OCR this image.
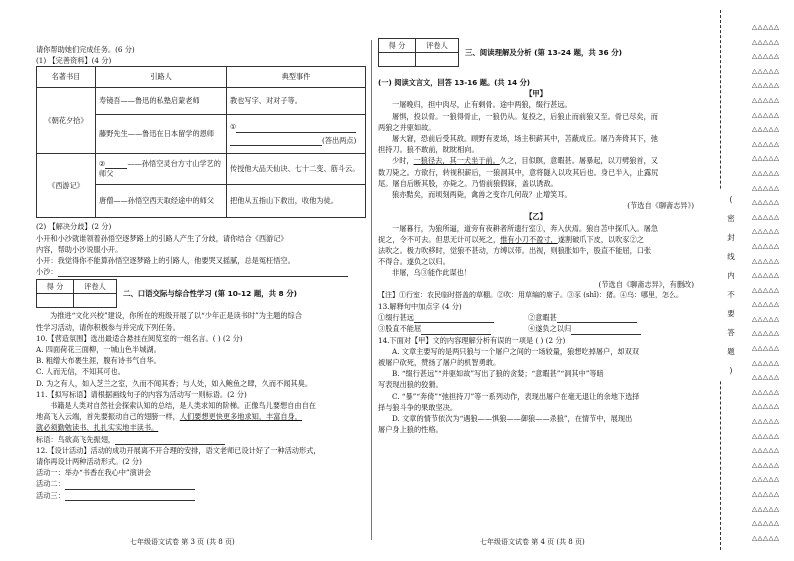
请你帮助她们完成任务。(6 分)
(1) 【完善资料】(4 分)
名著书目	引路人	典型事件
《朝花夕拾》	寿镜吾——鲁迅的私塾启蒙老师	教也写字、对对子等。
	藤野先生——鲁迅在日本留学的恩师	①
(答出两点)

《西游记》	② ——孙悟空灵台方寸山学艺的师父	传授他大品天仙诀、七十二变、筋斗云。
	唐僧——孙悟空西天取经途中的师父	把他从五指山下救出，收他为徒。
(2) 【解决分歧】(2 分)
小开和小沙就谁领着孙悟空逐梦路上的引路人产生了分歧，请你结合《西游记》
内容，帮助小沙说服小开。
小开：我觉得你不能算孙悟空逐梦路上的引路人，他要哭又摇腻，总是冤枉悟空。
小沙：
得 分	评卷人

二、口语交际与综合性学习 (第 10-12 题，共 8 分)
为推进“文化兴校”建设，你所在的班级开展了以“少年正是读书时”为主题的综合
性学习活动，请你积极参与并完成下列任务。
10.【营造氛围】选出最适合悬挂在阅览室的一组名言。( ) (2 分)
A. 四面荷花三面柳，一城山色半城湖。
B. 粗缯大布裹生涯，腹有诗书气自华。
C. 人而无信，不知其可也。
D. 为之有人，如入芝兰之室，久而不闻其香；与人处，如入鲍鱼之肆，久而不闻其臭。
11.【拟写标语】请根据画线句子的内容为活动写一则标语。(2 分)
书籍是人类对自然社会探索认知的总结，是人类求知的阶梯。正像鸟儿要想自由自在
地高飞入云端，首先要振动自己的翅膀一样，人们要想更快更多地求知，丰富自身，
就必须勤勉读书、扎扎实实地丰读书。
标语：鸟欲高飞先振翅，
12.【设计活动】活动的成功开展离不开合理的安排，语文老师已设计好了一种活动形式，
请你再设计两种活动形式。(2 分)
活动一：举办“书香在我心中”演讲会
活动二：
活动三：
得 分	评卷人

三、阅读理解及分析 (第 13-24 题，共 36 分)
(一) 阅读文言文，回答 13-16 题。(共 14 分)
【甲】
一屠晚归，担中肉尽，止有剩骨。途中两狼，缀行甚远。
屠惧，投以骨。一狼得骨止，一狼仍从。复投之，后狼止而前狼又至。骨已尽矣，而
两狼之并驱如故。
屠大窘，恐前后受其敌。顾野有麦场，场主积薪其中，苫蔽成丘。屠乃奔倚其下，弛
担持刀。狼不敢前，眈眈相向。
少时，一狼径去，其一犬坐于前。久之，目似瞑，意暇甚。屠暴起，以刀劈狼首，又
数刀毙之。方欲行，转视积薪后，一狼洞其中，意将隧入以攻其后也。身已半入，止露尻
尾。屠自后断其股，亦毙之。乃悟前狼假寐，盖以诱敌。
狼亦黠矣，而顷刻两毙，禽兽之变诈几何哉？止增笑耳。
(节选自《聊斋志异》)
【乙】
一屠暮行，为狼所逼，道旁有夜耕者所遗行室①，奔入伏焉。狼自苫中探爪入。屠急
捉之，令不可去。但思无计可以死之，惟有小刀不盈寸，遂割破爪下皮，以吹豕②之
法吹之。极力吹移时，觉狼不甚动，方缚以带。出视，则狼胀如牛，股直不能屈，口张
不得合。遂负之以归。
非屠，乌③能作此谋也！
(节选自《聊斋志异》，有删改)
【注】①行室：农民临时搭盖的草棚。②吹：用草编的席子。③豕 (shǐ)：猪。④乌：哪里，怎么。
13.解释句中加点字 (4 分)
①缀行甚远	②意暇甚
③股直不能屈	④遂负之以归
14.下面对【甲】文的内容理解分析有误的一项是 ( ) (2 分)
A. 文章主要写的是两只狼与一个屠户之间的一场较量，狼想吃掉屠户，却双双
被屠户砍死，赞扬了屠户的机智勇敢。
B. “缀行甚远”“并驱如故”写出了狼的贪婪；“意暇甚”“洞其中”等暗
写表现出狼的狡猾。
C. “暴”“奔倚”“弛担持刀”等一系列动作，表现出屠户在毫无退让的余地下选择
择与狼斗争的果敢坚决。
D. 文章的情节依次为“遇狼——惧狼——御狼——杀狼”，在情节中，展现出
屠户身上狼的性格。
七年级语文试卷 第 3 页 (共 8 页)	七年级语文试卷 第 4 页 (共 8 页)
(
密
封
线
内
不
要
答
题
)
△△△△△
△△△△△
△△△△△
△△△△△
△△△△△
△△△△△
△△△△△
△△△△△
△△△△△
△△△△△
△△△△△
△△△△△
△△△△△
△△△△△
△△△△△
△△△△△
△△△△△
△△△△△
△△△△△
△△△△△
△△△△△
△△△△△
△△△△△
△△△△△
△△△△△
△△△△△
△△△△△
△△△△△
△△△△△
△△△△△
△△△△△
△△△△△
△△△△△
△△△△△
△△△△△
△△△△△
